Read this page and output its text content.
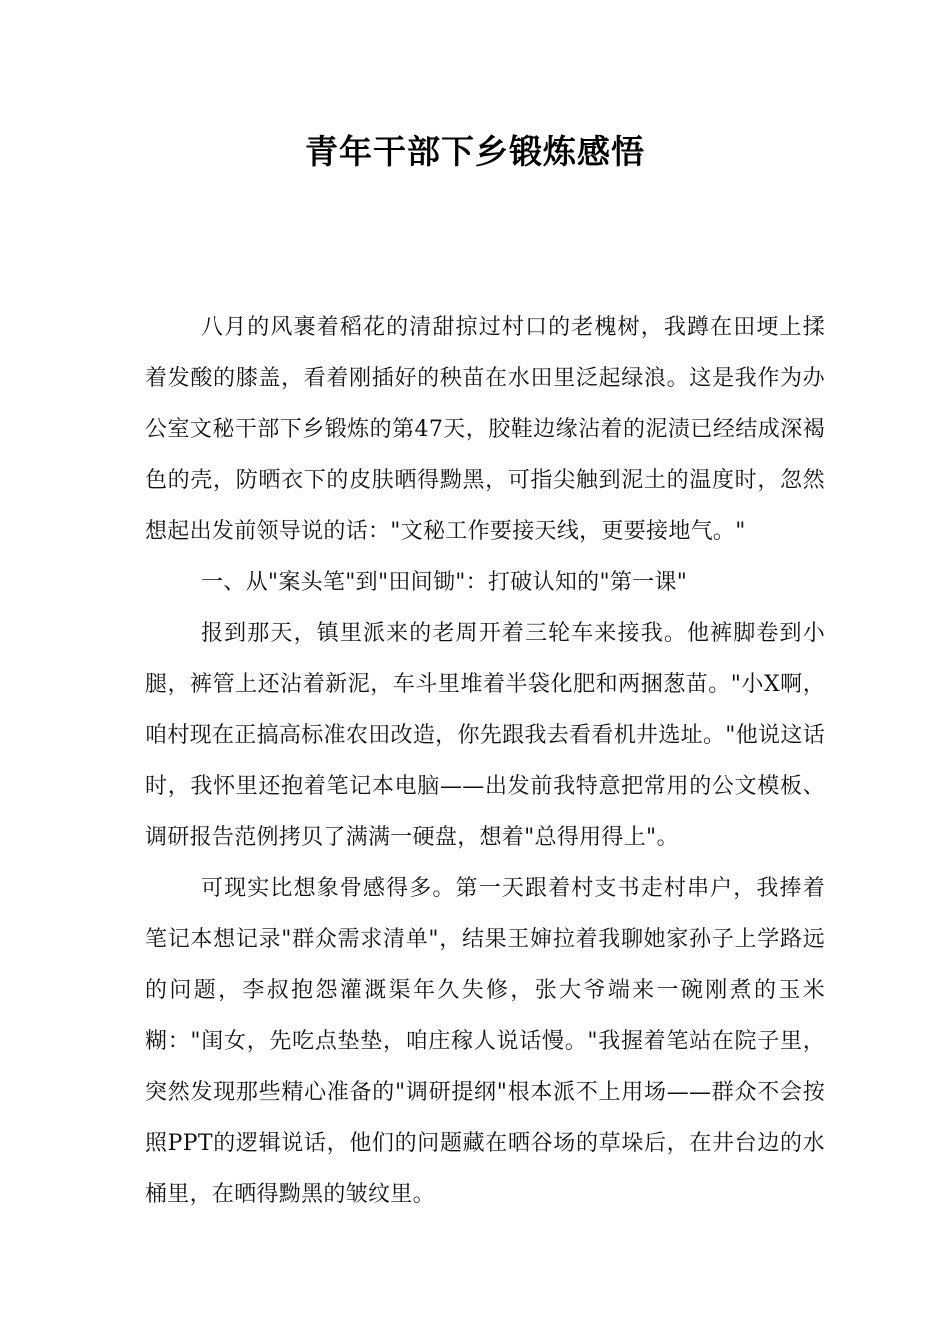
青年干部下乡锻炼感悟

八月的风裹着稻花的清甜掠过村口的老槐树，我蹲在田埂上揉着发酸的膝盖，看着刚插好的秧苗在水田里泛起绿浪。这是我作为办公室文秘干部下乡锻炼的第47天，胶鞋边缘沾着的泥渍已经结成深褐色的壳，防晒衣下的皮肤晒得黝黑，可指尖触到泥土的温度时，忽然想起出发前领导说的话："文秘工作要接天线，更要接地气。"

一、从"案头笔"到"田间锄"：打破认知的"第一课"

报到那天，镇里派来的老周开着三轮车来接我。他裤脚卷到小腿，裤管上还沾着新泥，车斗里堆着半袋化肥和两捆葱苗。"小X啊，咱村现在正搞高标准农田改造，你先跟我去看看机井选址。"他说这话时，我怀里还抱着笔记本电脑——出发前我特意把常用的公文模板、调研报告范例拷贝了满满一硬盘，想着"总得用得上"。

可现实比想象骨感得多。第一天跟着村支书走村串户，我捧着笔记本想记录"群众需求清单"，结果王婶拉着我聊她家孙子上学路远的问题，李叔抱怨灌溉渠年久失修，张大爷端来一碗刚煮的玉米糊："闺女，先吃点垫垫，咱庄稼人说话慢。"我握着笔站在院子里，突然发现那些精心准备的"调研提纲"根本派不上用场——群众不会按照PPT的逻辑说话，他们的问题藏在晒谷场的草垛后，在井台边的水桶里，在晒得黝黑的皱纹里。
